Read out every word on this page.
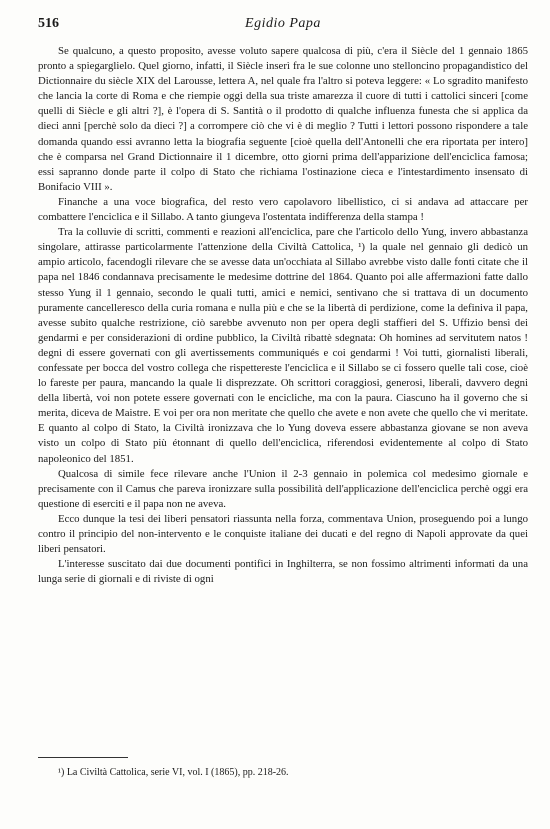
516	Egidio Papa

Se qualcuno, a questo proposito, avesse voluto sapere qualcosa di più, c'era il Siècle del 1 gennaio 1865 pronto a spiegarglielo. Quel giorno, infatti, il Siècle inserì fra le sue colonne uno stelloncino propagandistico del Dictionnaire du siècle XIX del Larousse, lettera A, nel quale fra l'altro si poteva leggere: « Lo sgradito manifesto che lancia la corte di Roma e che riempie oggi della sua triste amarezza il cuore di tutti i cattolici sinceri [come quelli di Siècle e gli altri ?], è l'opera di S. Santità o il prodotto di qualche influenza funesta che si applica da dieci anni [perchè solo da dieci ?] a corrompere ciò che vi è di meglio ? Tutti i lettori possono rispondere a tale domanda quando essi avranno letta la biografia seguente [cioè quella dell'Antonelli che era riportata per intero] che è comparsa nel Grand Dictionnaire il 1 dicembre, otto giorni prima dell'apparizione dell'enciclica famosa; essi sapranno donde parte il colpo di Stato che richiama l'ostinazione cieca e l'intestardimento insensato di Bonifacio VIII ».

Finanche a una voce biografica, del resto vero capolavoro libellistico, ci si andava ad attaccare per combattere l'enciclica e il Sillabo. A tanto giungeva l'ostentata indifferenza della stampa !

Tra la colluvie di scritti, commenti e reazioni all'enciclica, pare che l'articolo dello Yung, invero abbastanza singolare, attirasse particolarmente l'attenzione della Civiltà Cattolica, ¹) la quale nel gennaio gli dedicò un ampio articolo, facendogli rilevare che se avesse data un'occhiata al Sillabo avrebbe visto dalle fonti citate che il papa nel 1846 condannava precisamente le medesime dottrine del 1864. Quanto poi alle affermazioni fatte dallo stesso Yung il 1 gennaio, secondo le quali tutti, amici e nemici, sentivano che si trattava di un documento puramente cancelleresco della curia romana e nulla più e che se la libertà di perdizione, come la definiva il papa, avesse subito qualche restrizione, ciò sarebbe avvenuto non per opera degli staffieri del S. Uffizio bensì dei gendarmi e per considerazioni di ordine pubblico, la Civiltà ribattè sdegnata: Oh homines ad servitutem natos ! degni di essere governati con gli avertissements communiqués e coi gendarmi ! Voi tutti, giornalisti liberali, confessate per bocca del vostro collega che rispettereste l'enciclica e il Sillabo se ci fossero quelle tali cose, cioè lo fareste per paura, mancando la quale li disprezzate. Oh scrittori coraggiosi, generosi, liberali, davvero degni della libertà, voi non potete essere governati con le encicliche, ma con la paura. Ciascuno ha il governo che si merita, diceva de Maistre. E voi per ora non meritate che quello che avete e non avete che quello che vi meritate. E quanto al colpo di Stato, la Civiltà ironizzava che lo Yung doveva essere abbastanza giovane se non aveva visto un colpo di Stato più étonnant di quello dell'enciclica, riferendosi evidentemente al colpo di Stato napoleonico del 1851.

Qualcosa di simile fece rilevare anche l'Union il 2-3 gennaio in polemica col medesimo giornale e precisamente con il Camus che pareva ironizzare sulla possibilità dell'applicazione dell'enciclica perchè oggi era questione di eserciti e il papa non ne aveva.

Ecco dunque la tesi dei liberi pensatori riassunta nella forza, commentava Union, proseguendo poi a lungo contro il principio del non-intervento e le conquiste italiane dei ducati e del regno di Napoli approvate da quei liberi pensatori.

L'interesse suscitato dai due documenti pontifici in Inghilterra, se non fossimo altrimenti informati da una lunga serie di giornali e di riviste di ogni

¹) La Civiltà Cattolica, serie VI, vol. I (1865), pp. 218-26.
